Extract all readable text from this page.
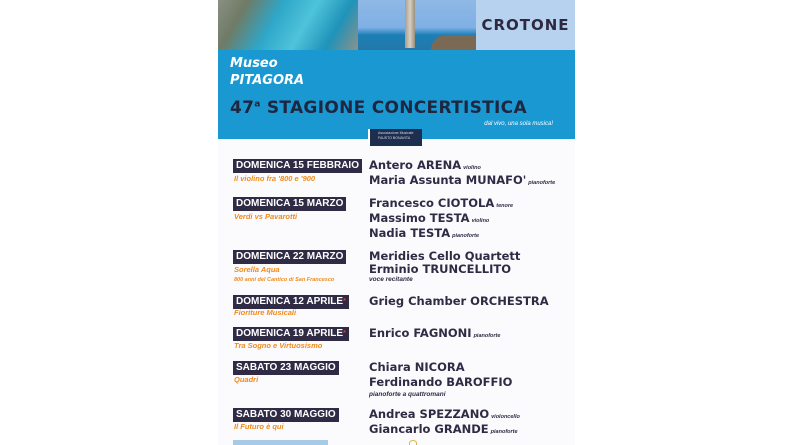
CROTONE
Museo
PITAGORA
47$^a$ STAGIONE CONCERTISTICA
dal vivo, una sola musica!
Associazione Musicale
FAUSTO BONAVITA
DOMENICA 15 FEBBRAIO
Il violino fra '800 e '900
Antero ARENA violino
Maria Assunta MUNAFO' pianoforte
DOMENICA 15 MARZO
Verdi vs Pavarotti
Francesco CIOTOLA tenore
Massimo TESTA violino
Nadia TESTA pianoforte
DOMENICA 22 MARZO
Sorella Aqua
800 anni del Cantico di San Francesco
Meridies Cello Quartett
Erminio TRUNCELLITO
voce recitante
DOMENICA 12 APRILE*
Fioriture Musicali
Grieg Chamber ORCHESTRA
DOMENICA 19 APRILE*
Tra Sogno e Virtuosismo
Enrico FAGNONI pianoforte
SABATO 23 MAGGIO
Quadri
Chiara NICORA
Ferdinando BAROFFIO
pianoforte a quattromani
SABATO 30 MAGGIO
Il Futuro è qui
Andrea SPEZZANO violoncello
Giancarlo GRANDE pianoforte
